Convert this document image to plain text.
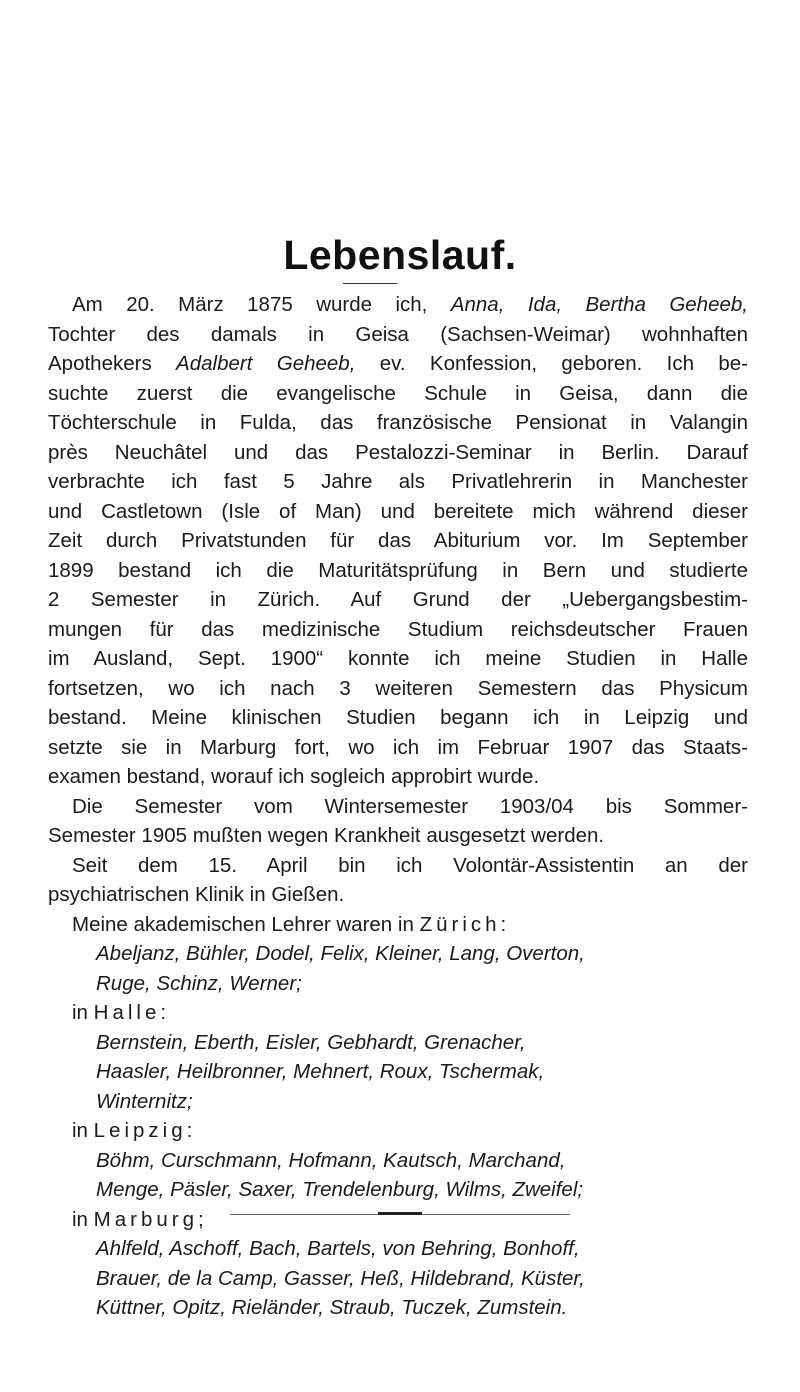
Lebenslauf.
Am 20. März 1875 wurde ich, Anna, Ida, Bertha Geheeb,
Tochter des damals in Geisa (Sachsen-Weimar) wohnhaften
Apothekers Adalbert Geheeb, ev. Konfession, geboren. Ich be-
suchte zuerst die evangelische Schule in Geisa, dann die
Töchterschule in Fulda, das französische Pensionat in Valangin
près Neuchâtel und das Pestalozzi-Seminar in Berlin. Darauf
verbrachte ich fast 5 Jahre als Privatlehrerin in Manchester
und Castletown (Isle of Man) und bereitete mich während dieser
Zeit durch Privatstunden für das Abiturium vor. Im September
1899 bestand ich die Maturitätsprüfung in Bern und studierte
2 Semester in Zürich. Auf Grund der „Uebergangsbestim-
mungen für das medizinische Studium reichsdeutscher Frauen
im Ausland, Sept. 1900“ konnte ich meine Studien in Halle
fortsetzen, wo ich nach 3 weiteren Semestern das Physicum
bestand. Meine klinischen Studien begann ich in Leipzig und
setzte sie in Marburg fort, wo ich im Februar 1907 das Staats-
examen bestand, worauf ich sogleich approbirt wurde.
Die Semester vom Wintersemester 1903/04 bis Sommer-
Semester 1905 mußten wegen Krankheit ausgesetzt werden.
Seit dem 15. April bin ich Volontär-Assistentin an der
psychiatrischen Klinik in Gießen.
Meine akademischen Lehrer waren in Zürich:
Abeljanz, Bühler, Dodel, Felix, Kleiner, Lang, Overton,
Ruge, Schinz, Werner;
in Halle:
Bernstein, Eberth, Eisler, Gebhardt, Grenacher,
Haasler, Heilbronner, Mehnert, Roux, Tschermak,
Winternitz;
in Leipzig:
Böhm, Curschmann, Hofmann, Kautsch, Marchand,
Menge, Päsler, Saxer, Trendelenburg, Wilms, Zweifel;
in Marburg;
Ahlfeld, Aschoff, Bach, Bartels, von Behring, Bonhoff,
Brauer, de la Camp, Gasser, Heß, Hildebrand, Küster,
Küttner, Opitz, Rieländer, Straub, Tuczek, Zumstein.
